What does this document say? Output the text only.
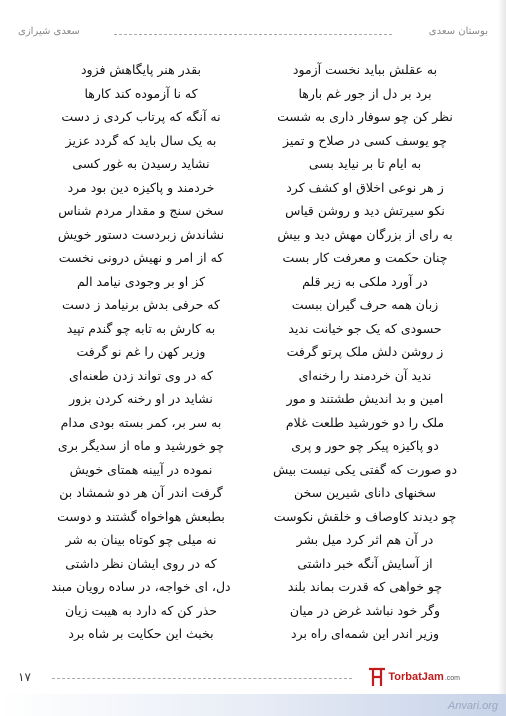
بوستان سعدی
سعدی شیرازی
به عقلش بباید نخست آزمود
بقدر هنر پایگاهش فزود
برد بر دل از جور غم بارها
که نا آزموده کند کارها
نظر کن چو سوفار داری به شست
نه آنگه که پرتاب کردی ز دست
چو یوسف کسی در صلاح و تمیز
به یک سال باید که گردد عزیز
به ایام تا بر نیاید بسی
نشاید رسیدن به غور کسی
ز هر نوعی اخلاق او کشف کرد
خردمند و پاکیزه دین بود مرد
نکو سیرتش دید و روشن قیاس
سخن سنج و مقدار مردم شناس
به رای از بزرگان مهش دید و بیش
نشاندش زبردست دستور خویش
چنان حکمت و معرفت کار بست
که از امر و نهیش درونی نخست
در آورد ملکی به زیر قلم
کز او بر وجودی نیامد الم
زبان همه حرف گیران ببست
که حرفی بدش برنیامد ز دست
حسودی که یک جو خیانت ندید
به کارش به تابه چو گندم تپید
ز روشن دلش ملک پرتو گرفت
وزیر کهن را غم نو گرفت
ندید آن خردمند را رخنه‌ای
که در وی تواند زدن طعنه‌ای
امین و بد اندیش طشتند و مور
نشاید در او رخنه کردن بزور
ملک را دو خورشید طلعت غلام
به سر بر، کمر بسته بودی مدام
دو پاکیزه پیکر چو حور و پری
چو خورشید و ماه از سدیگر بری
دو صورت که گفتی یکی نیست بیش
نموده در آیینه همتای خویش
سخنهای دانای شیرین سخن
گرفت اندر آن هر دو شمشاد بن
چو دیدند کاوصاف و خلقش نکوست
بطبعش هواخواه گشتند و دوست
در آن هم اثر کرد میل بشر
نه میلی چو کوتاه بینان به شر
از آسایش آنگه خبر داشتی
که در روی ایشان نظر داشتی
چو خواهی که قدرت بماند بلند
دل، ای خواجه، در ساده رویان مبند
وگر خود نباشد غرض در میان
حذر کن که دارد به هیبت زیان
وزیر اندر این شمه‌ای راه برد
بخبث این حکایت بر شاه برد
۱۷	TorbatJam .com
Anvari.org
